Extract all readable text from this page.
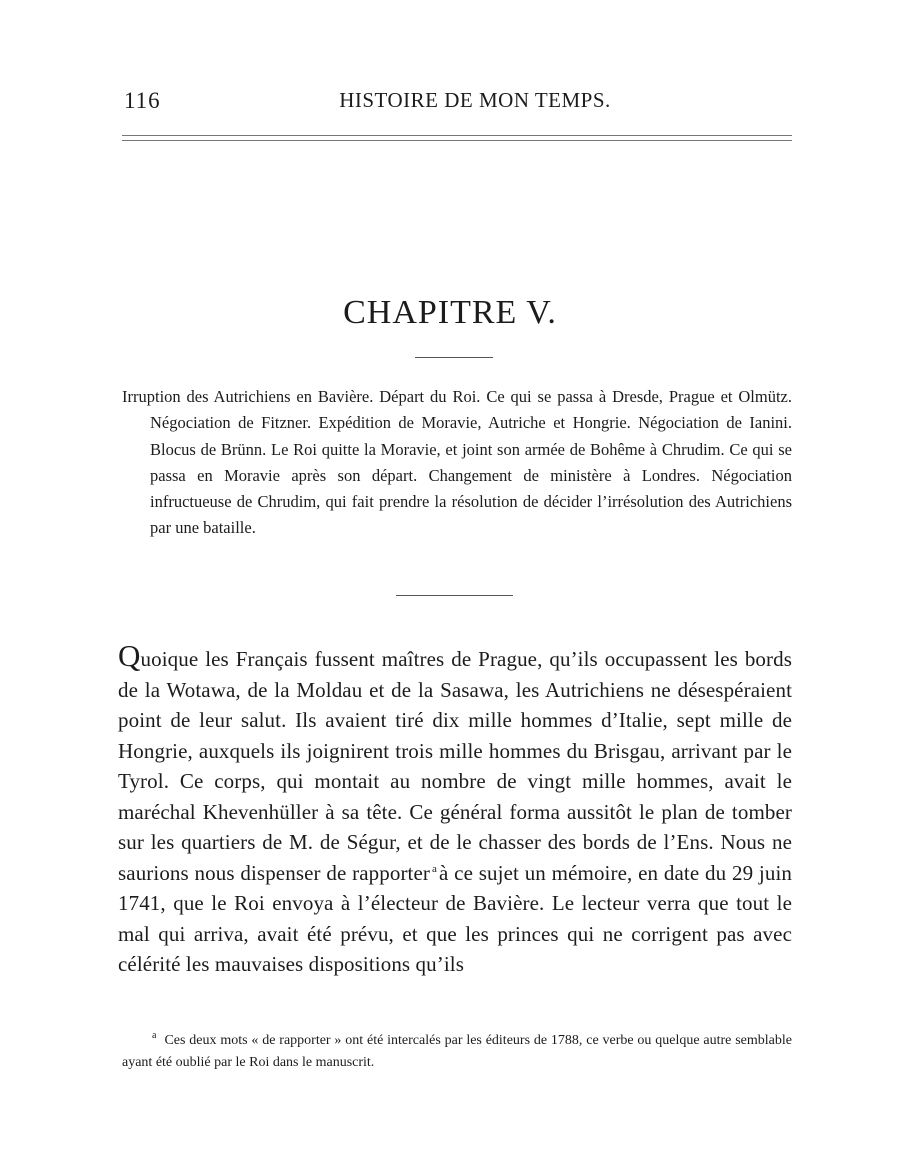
116	HISTOIRE DE MON TEMPS.
CHAPITRE V.
Irruption des Autrichiens en Bavière. Départ du Roi. Ce qui se passa à Dresde, Prague et Olmütz. Négociation de Fitzner. Expédition de Moravie, Autriche et Hongrie. Négociation de Ianini. Blocus de Brünn. Le Roi quitte la Moravie, et joint son armée de Bohême à Chrudim. Ce qui se passa en Moravie après son départ. Changement de ministère à Londres. Négociation infructueuse de Chrudim, qui fait prendre la résolution de décider l’irrésolution des Autrichiens par une bataille.
Quoique les Français fussent maîtres de Prague, qu’ils occupassent les bords de la Wotawa, de la Moldau et de la Sasawa, les Autrichiens ne désespéraient point de leur salut. Ils avaient tiré dix mille hommes d’Italie, sept mille de Hongrie, auxquels ils joignirent trois mille hommes du Brisgau, arrivant par le Tyrol. Ce corps, qui montait au nombre de vingt mille hommes, avait le maréchal Khevenhüller à sa tête. Ce général forma aussitôt le plan de tomber sur les quartiers de M. de Ségur, et de le chasser des bords de l’Ens. Nous ne saurions nous dispenser de rapporter $^a$à ce sujet un mémoire, en date du 29 juin 1741, que le Roi envoya à l’électeur de Bavière. Le lecteur verra que tout le mal qui arriva, avait été prévu, et que les princes qui ne corrigent pas avec célérité les mauvaises dispositions qu’ils
$^a$ Ces deux mots « de rapporter » ont été intercalés par les éditeurs de 1788, ce verbe ou quelque autre semblable ayant été oublié par le Roi dans le manuscrit.
